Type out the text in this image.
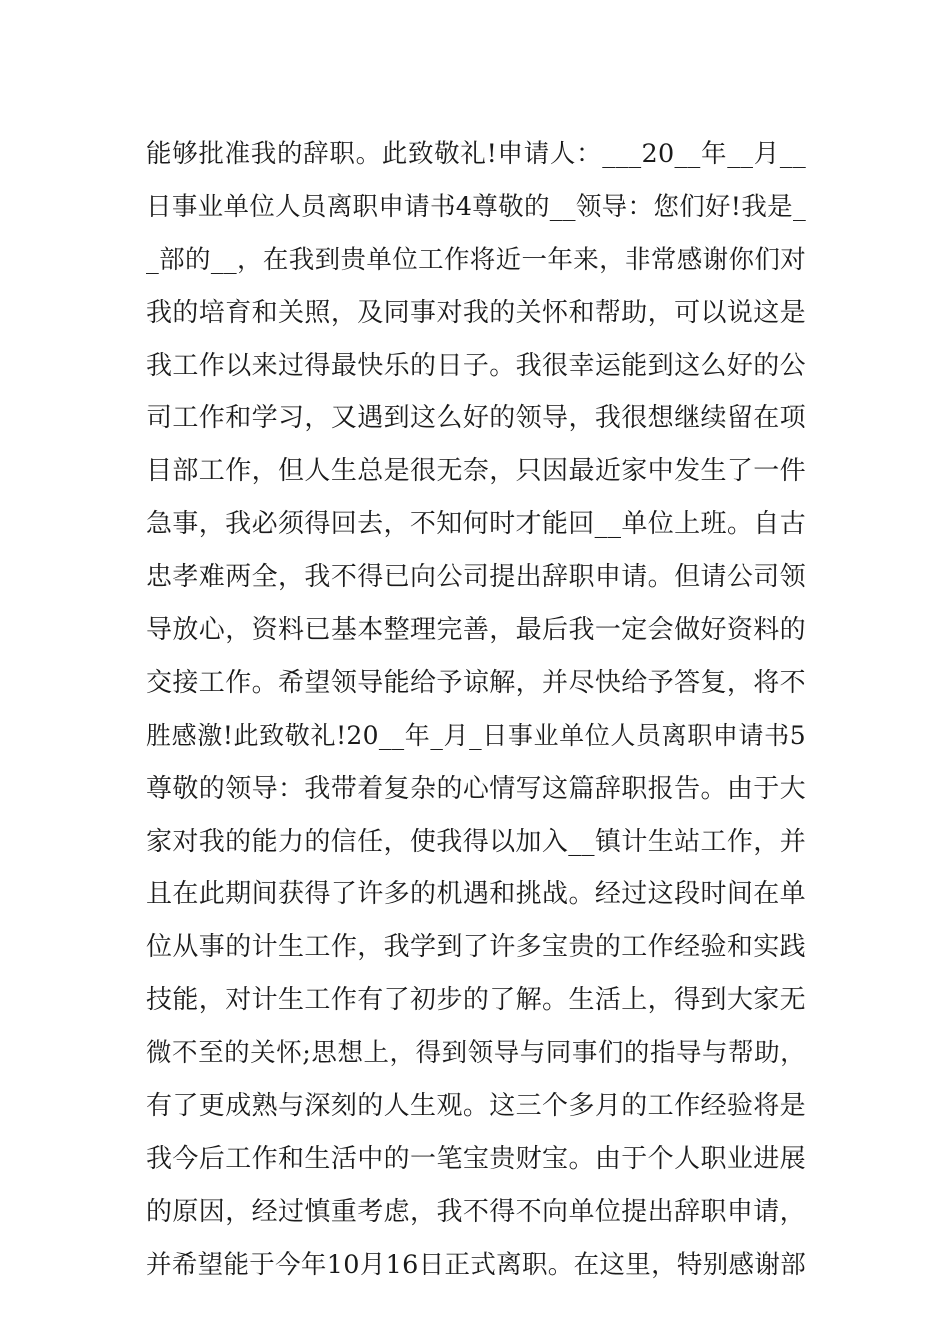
能够批准我的辞职。此致敬礼!申请人：___20__年__月__
日事业单位人员离职申请书4尊敬的__领导：您们好!我是_
_部的__，在我到贵单位工作将近一年来，非常感谢你们对
我的培育和关照，及同事对我的关怀和帮助，可以说这是
我工作以来过得最快乐的日子。我很幸运能到这么好的公
司工作和学习，又遇到这么好的领导，我很想继续留在项
目部工作，但人生总是很无奈，只因最近家中发生了一件
急事，我必须得回去，不知何时才能回__单位上班。自古
忠孝难两全，我不得已向公司提出辞职申请。但请公司领
导放心，资料已基本整理完善，最后我一定会做好资料的
交接工作。希望领导能给予谅解，并尽快给予答复，将不
胜感激!此致敬礼!20__年_月_日事业单位人员离职申请书5
尊敬的领导：我带着复杂的心情写这篇辞职报告。由于大
家对我的能力的信任，使我得以加入__镇计生站工作，并
且在此期间获得了许多的机遇和挑战。经过这段时间在单
位从事的计生工作，我学到了许多宝贵的工作经验和实践
技能，对计生工作有了初步的了解。生活上，得到大家无
微不至的关怀;思想上，得到领导与同事们的指导与帮助，
有了更成熟与深刻的人生观。这三个多月的工作经验将是
我今后工作和生活中的一笔宝贵财宝。由于个人职业进展
的原因，经过慎重考虑，我不得不向单位提出辞职申请，
并希望能于今年10月16日正式离职。在这里，特别感谢部
